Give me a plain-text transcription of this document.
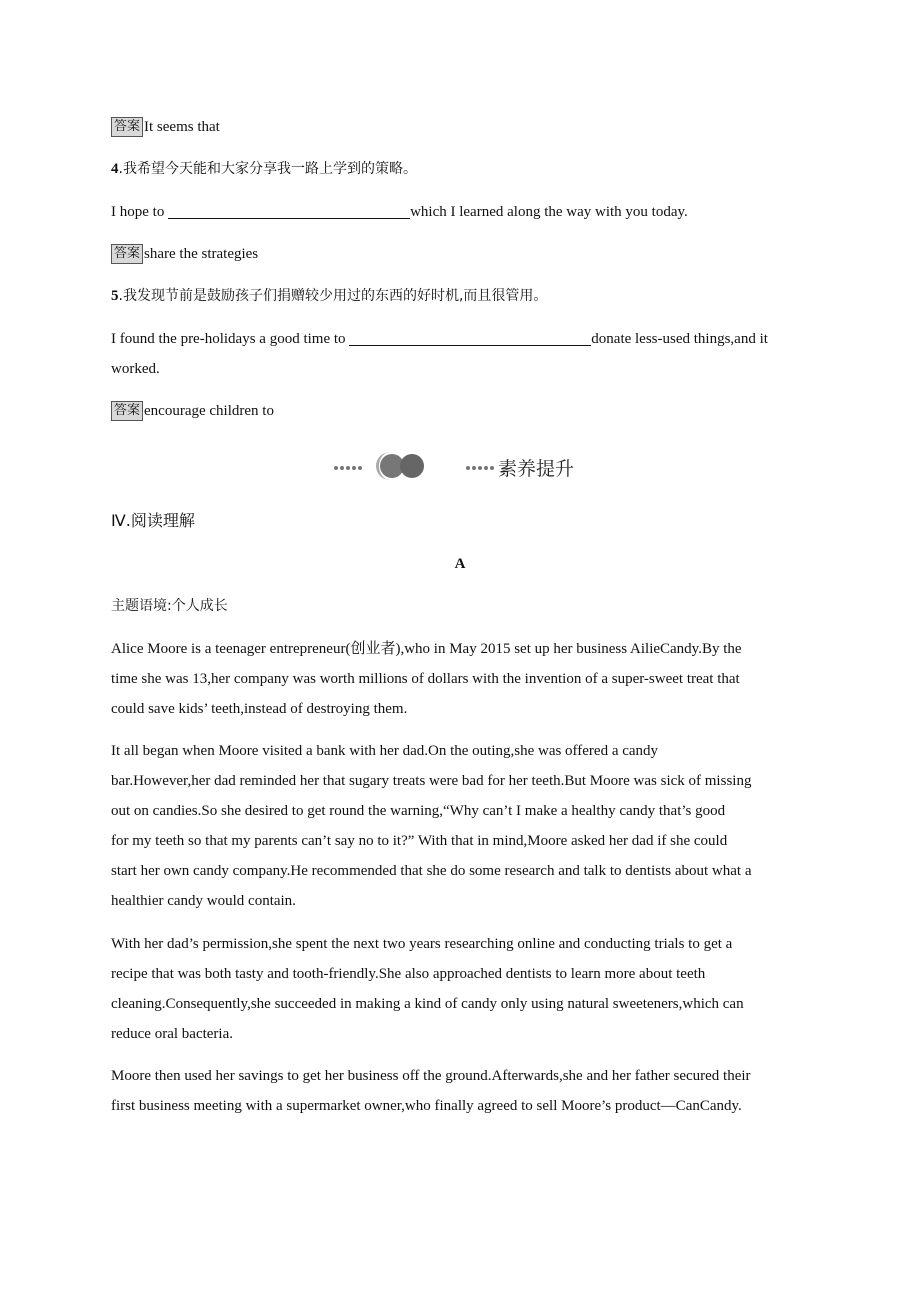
答案 It seems that
4.我希望今天能和大家分享我一路上学到的策略。
I hope to	which I learned along the way with you today.
答案 share the strategies
5.我发现节前是鼓励孩子们捐赠较少用过的东西的好时机,而且很管用。
I found the pre-holidays a good time to	donate less-used things,and it
worked.
答案 encourage children to
素养提升
Ⅳ.阅读理解
A
主题语境:个人成长
Alice Moore is a teenager entrepreneur(创业者),who in May 2015 set up her business AilieCandy.By the
time she was 13,her company was worth millions of dollars with the invention of a super-sweet treat that
could save kids’ teeth,instead of destroying them.
It all began when Moore visited a bank with her dad.On the outing,she was offered a candy
bar.However,her dad reminded her that sugary treats were bad for her teeth.But Moore was sick of missing
out on candies.So she desired to get round the warning,“Why can’t I make a healthy candy that’s good
for my teeth so that my parents can’t say no to it?” With that in mind,Moore asked her dad if she could
start her own candy company.He recommended that she do some research and talk to dentists about what a
healthier candy would contain.
With her dad’s permission,she spent the next two years researching online and conducting trials to get a
recipe that was both tasty and tooth-friendly.She also approached dentists to learn more about teeth
cleaning.Consequently,she succeeded in making a kind of candy only using natural sweeteners,which can
reduce oral bacteria.
Moore then used her savings to get her business off the ground.Afterwards,she and her father secured their
first business meeting with a supermarket owner,who finally agreed to sell Moore’s product—CanCandy.
